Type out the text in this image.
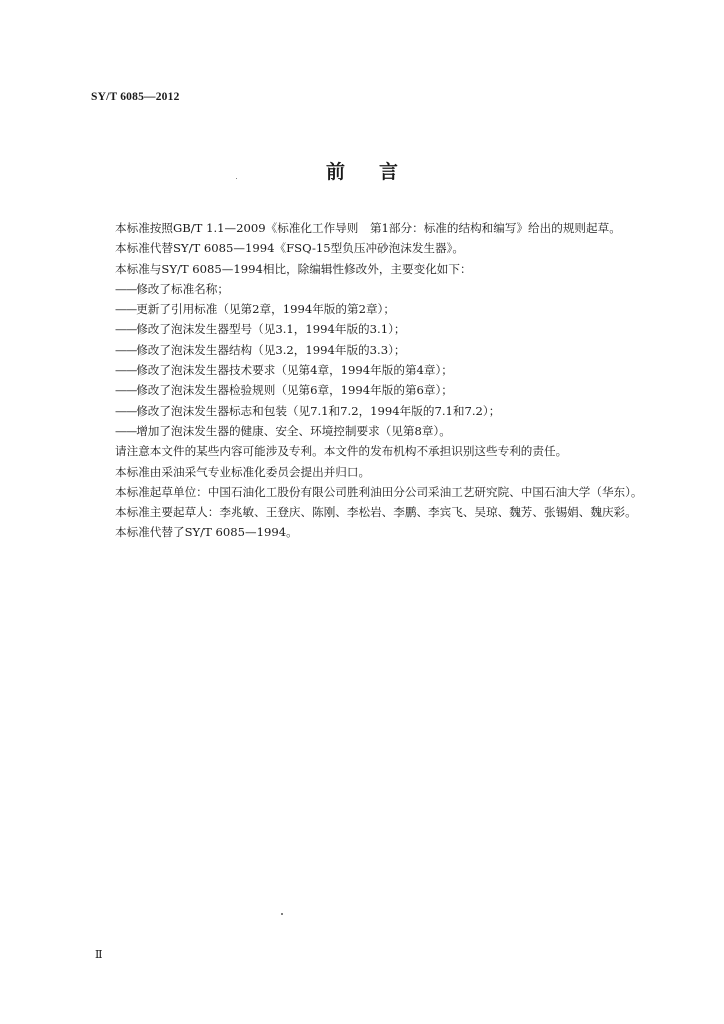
SY/T 6085—2012
前 言

本标准按照GB/T 1.1—2009《标准化工作导则　第1部分：标准的结构和编写》给出的规则起草。

本标准代替SY/T 6085—1994《FSQ-15型负压冲砂泡沫发生器》。

本标准与SY/T 6085—1994相比，除编辑性修改外，主要变化如下：

——修改了标准名称；

——更新了引用标准（见第2章，1994年版的第2章）；

——修改了泡沫发生器型号（见3.1，1994年版的3.1）；

——修改了泡沫发生器结构（见3.2，1994年版的3.3）；

——修改了泡沫发生器技术要求（见第4章，1994年版的第4章）；

——修改了泡沫发生器检验规则（见第6章，1994年版的第6章）；

——修改了泡沫发生器标志和包装（见7.1和7.2，1994年版的7.1和7.2）；

——增加了泡沫发生器的健康、安全、环境控制要求（见第8章）。

请注意本文件的某些内容可能涉及专利。本文件的发布机构不承担识别这些专利的责任。

本标准由采油采气专业标准化委员会提出并归口。

本标准起草单位：中国石油化工股份有限公司胜利油田分公司采油工艺研究院、中国石油大学（华东）。

本标准主要起草人：李兆敏、王登庆、陈刚、李松岩、李鹏、李宾飞、吴琼、魏芳、张锡娟、魏庆彩。

本标准代替了SY/T 6085—1994。

Ⅱ
